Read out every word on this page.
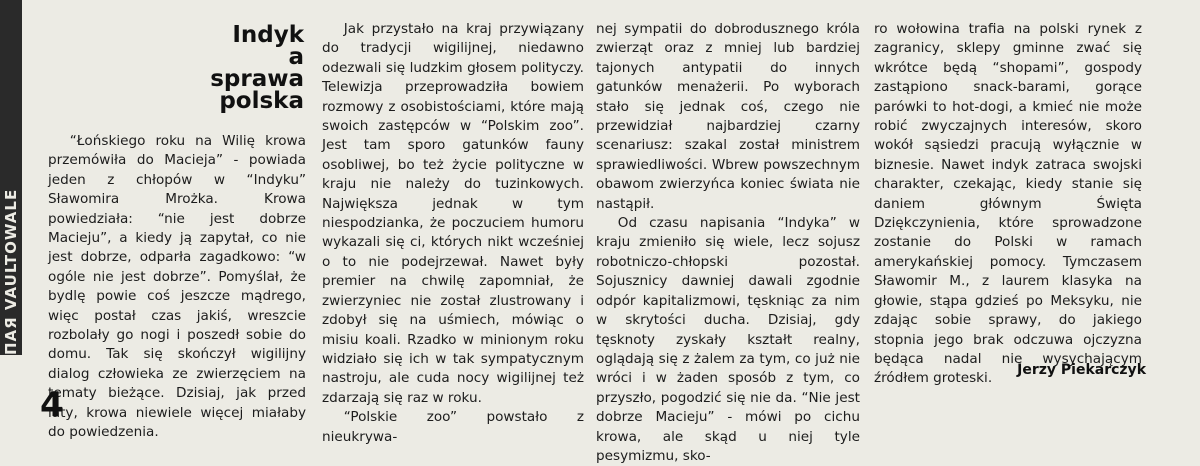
ПАЯ VAULTOWALE
Indyk
a
sprawa
polska

“Łońskiego roku na Wilię krowa przemówiła do Macieja” - powiada jeden z chłopów w “Indyku” Sławomira Mrożka. Krowa powiedziała: “nie jest dobrze Macieju”, a kiedy ją zapytał, co nie jest dobrze, odparła zagadkowo: “w ogóle nie jest dobrze”. Pomyślał, że bydlę powie coś jeszcze mądrego, więc postał czas jakiś, wreszcie rozbolały go nogi i poszedł sobie do domu. Tak się skończył wigilijny dialog człowieka ze zwierzęciem na tematy bieżące. Dzisiaj, jak przed laty, krowa niewiele więcej miałaby do powiedzenia.

Jak przystało na kraj przywiązany do tradycji wigilijnej, niedawno odezwali się ludzkim głosem polityczy. Telewizja przeprowadziła bowiem rozmowy z osobistościami, które mają swoich zastępców w “Polskim zoo”. Jest tam sporo gatunków fauny osobliwej, bo też życie polityczne w kraju nie należy do tuzinkowych. Największa jednak w tym niespodzianka, że poczuciem humoru wykazali się ci, których nikt wcześniej o to nie podejrzewał. Nawet były premier na chwilę zapomniał, że zwierzyniec nie został zlustrowany i zdobył się na uśmiech, mówiąc o misiu koali. Rzadko w minionym roku widziało się ich w tak sympatycznym nastroju, ale cuda nocy wigilijnej też zdarzają się raz w roku.

“Polskie zoo” powstało z nieukrywa-

nej sympatii do dobrodusznego króla zwierząt oraz z mniej lub bardziej tajonych antypatii do innych gatunków menażerii. Po wyborach stało się jednak coś, czego nie przewidział najbardziej czarny scenariusz: szakal został ministrem sprawiedliwości. Wbrew powszechnym obawom zwierzyńca koniec świata nie nastąpił.

Od czasu napisania “Indyka” w kraju zmieniło się wiele, lecz sojusz robotniczo-chłopski pozostał. Sojusznicy dawniej dawali zgodnie odpór kapitalizmowi, tęskniąc za nim w skrytości ducha. Dzisiaj, gdy tęsknoty zyskały kształt realny, oglądają się z żalem za tym, co już nie wróci i w żaden sposób z tym, co przyszło, pogodzić się nie da. “Nie jest dobrze Macieju” - mówi po cichu krowa, ale skąd u niej tyle pesymizmu, sko-

ro wołowina trafia na polski rynek z zagranicy, sklepy gminne zwać się wkrótce będą “shopami”, gospody zastąpiono snack-barami, gorące parówki to hot-dogi, a kmieć nie może robić zwyczajnych interesów, skoro wokół sąsiedzi pracują wyłącznie w biznesie. Nawet indyk zatraca swojski charakter, czekając, kiedy stanie się daniem głównym Święta Dziękczynienia, które sprowadzone zostanie do Polski w ramach amerykańskiej pomocy. Tymczasem Sławomir M., z laurem klasyka na głowie, stąpa gdzieś po Meksyku, nie zdając sobie sprawy, do jakiego stopnia jego brak odczuwa ojczyzna będąca nadal nie wysychającym źródłem groteski.

Jerzy Piekarczyk
4
